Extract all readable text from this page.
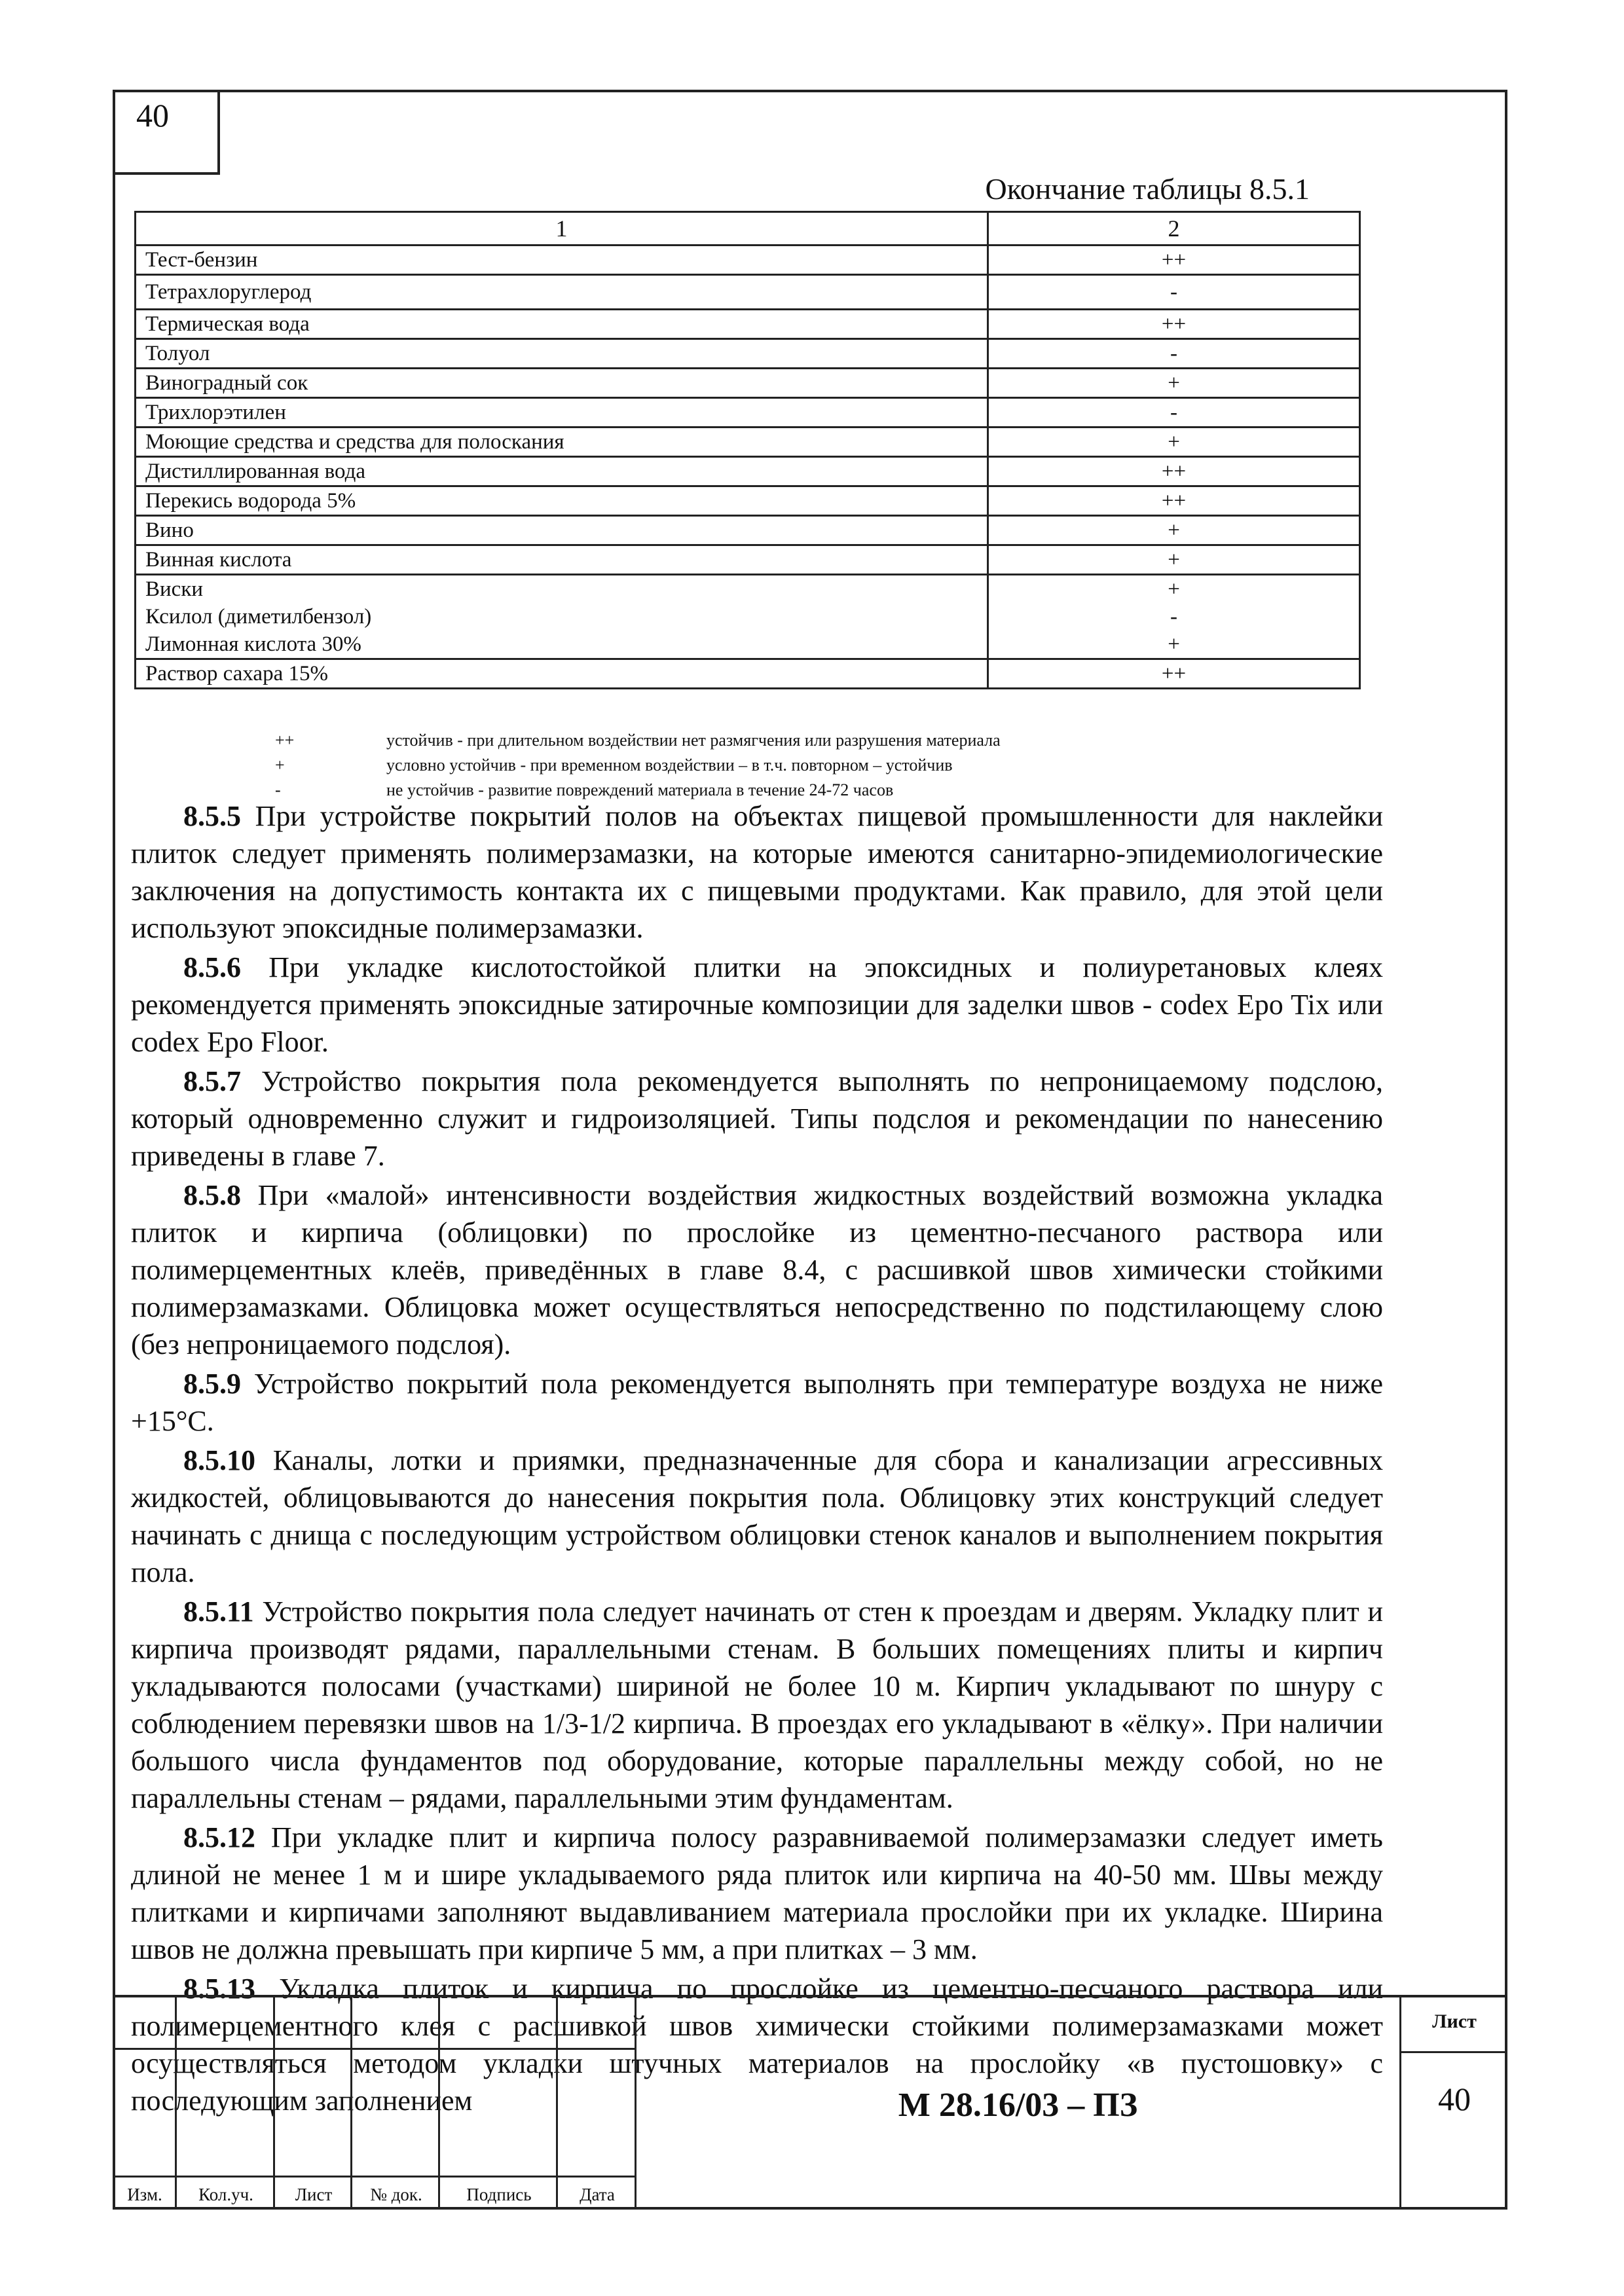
40
Окончание таблицы 8.5.1
1	2
Тест-бензин	++
Тетрахлоруглерод	-
Термическая вода	++
Толуол	-
Виноградный сок	+
Трихлорэтилен	-
Моющие средства и средства для полоскания	+
Дистиллированная вода	++
Перекись водорода 5%	++
Вино	+
Винная кислота	+
Виски	+
Ксилол (диметилбензол)	-
Лимонная кислота 30%	+
Раствор сахара 15%	++
++	устойчив - при длительном воздействии нет размягчения или разрушения материала
+	условно устойчив - при временном воздействии – в т.ч. повторном – устойчив
-	не устойчив - развитие повреждений материала в течение 24-72 часов

8.5.5 При устройстве покрытий полов на объектах пищевой промышленности для наклейки плиток следует применять полимерзамазки, на которые имеются санитарно-эпидемиологические заключения на допустимость контакта их с пищевыми продуктами. Как правило, для этой цели используют эпоксидные полимерзамазки.

8.5.6 При укладке кислотостойкой плитки на эпоксидных и полиуретановых клеях рекомендуется применять эпоксидные затирочные композиции для заделки швов - codex Epo Tix или codex Epo Floor.

8.5.7 Устройство покрытия пола рекомендуется выполнять по непроницаемому подслою, который одновременно служит и гидроизоляцией. Типы подслоя и рекомендации по нанесению приведены в главе 7.

8.5.8 При «малой» интенсивности воздействия жидкостных воздействий возможна укладка плиток и кирпича (облицовки) по прослойке из цементно-песчаного раствора или полимерцементных клеёв, приведённых в главе 8.4, с расшивкой швов химически стойкими полимерзамазками. Облицовка может осуществляться непосредственно по подстилающему слою (без непроницаемого подслоя).

8.5.9 Устройство покрытий пола рекомендуется выполнять при температуре воздуха не ниже +15°С.

8.5.10 Каналы, лотки и приямки, предназначенные для сбора и канализации агрессивных жидкостей, облицовываются до нанесения покрытия пола. Облицовку этих конструкций следует начинать с днища с последующим устройством облицовки стенок каналов и выполнением покрытия пола.

8.5.11 Устройство покрытия пола следует начинать от стен к проездам и дверям. Укладку плит и кирпича производят рядами, параллельными стенам. В больших помещениях плиты и кирпич укладываются полосами (участками) шириной не более 10 м. Кирпич укладывают по шнуру с соблюдением перевязки швов на 1/3-1/2 кирпича. В проездах его укладывают в «ёлку». При наличии большого числа фундаментов под оборудование, которые параллельны между собой, но не параллельны стенам – рядами, параллельными этим фундаментам.

8.5.12 При укладке плит и кирпича полосу разравниваемой полимерзамазки следует иметь длиной не менее 1 м и шире укладываемого ряда плиток или кирпича на 40-50 мм. Швы между плитками и кирпичами заполняют выдавливанием материала прослойки при их укладке. Ширина швов не должна превышать при кирпиче 5 мм, а при плитках – 3 мм.

8.5.13 Укладка плиток и кирпича по прослойке из цементно-песчаного раствора или полимерцементного клея с расшивкой швов химически стойкими полимерзамазками может осуществляться методом укладки штучных материалов на прослойку «в пустошовку» с последующим заполнением

Изм.	Кол.уч.	Лист	№ док.	Подпись	Дата
М 28.16/03 – ПЗ
Лист
40
